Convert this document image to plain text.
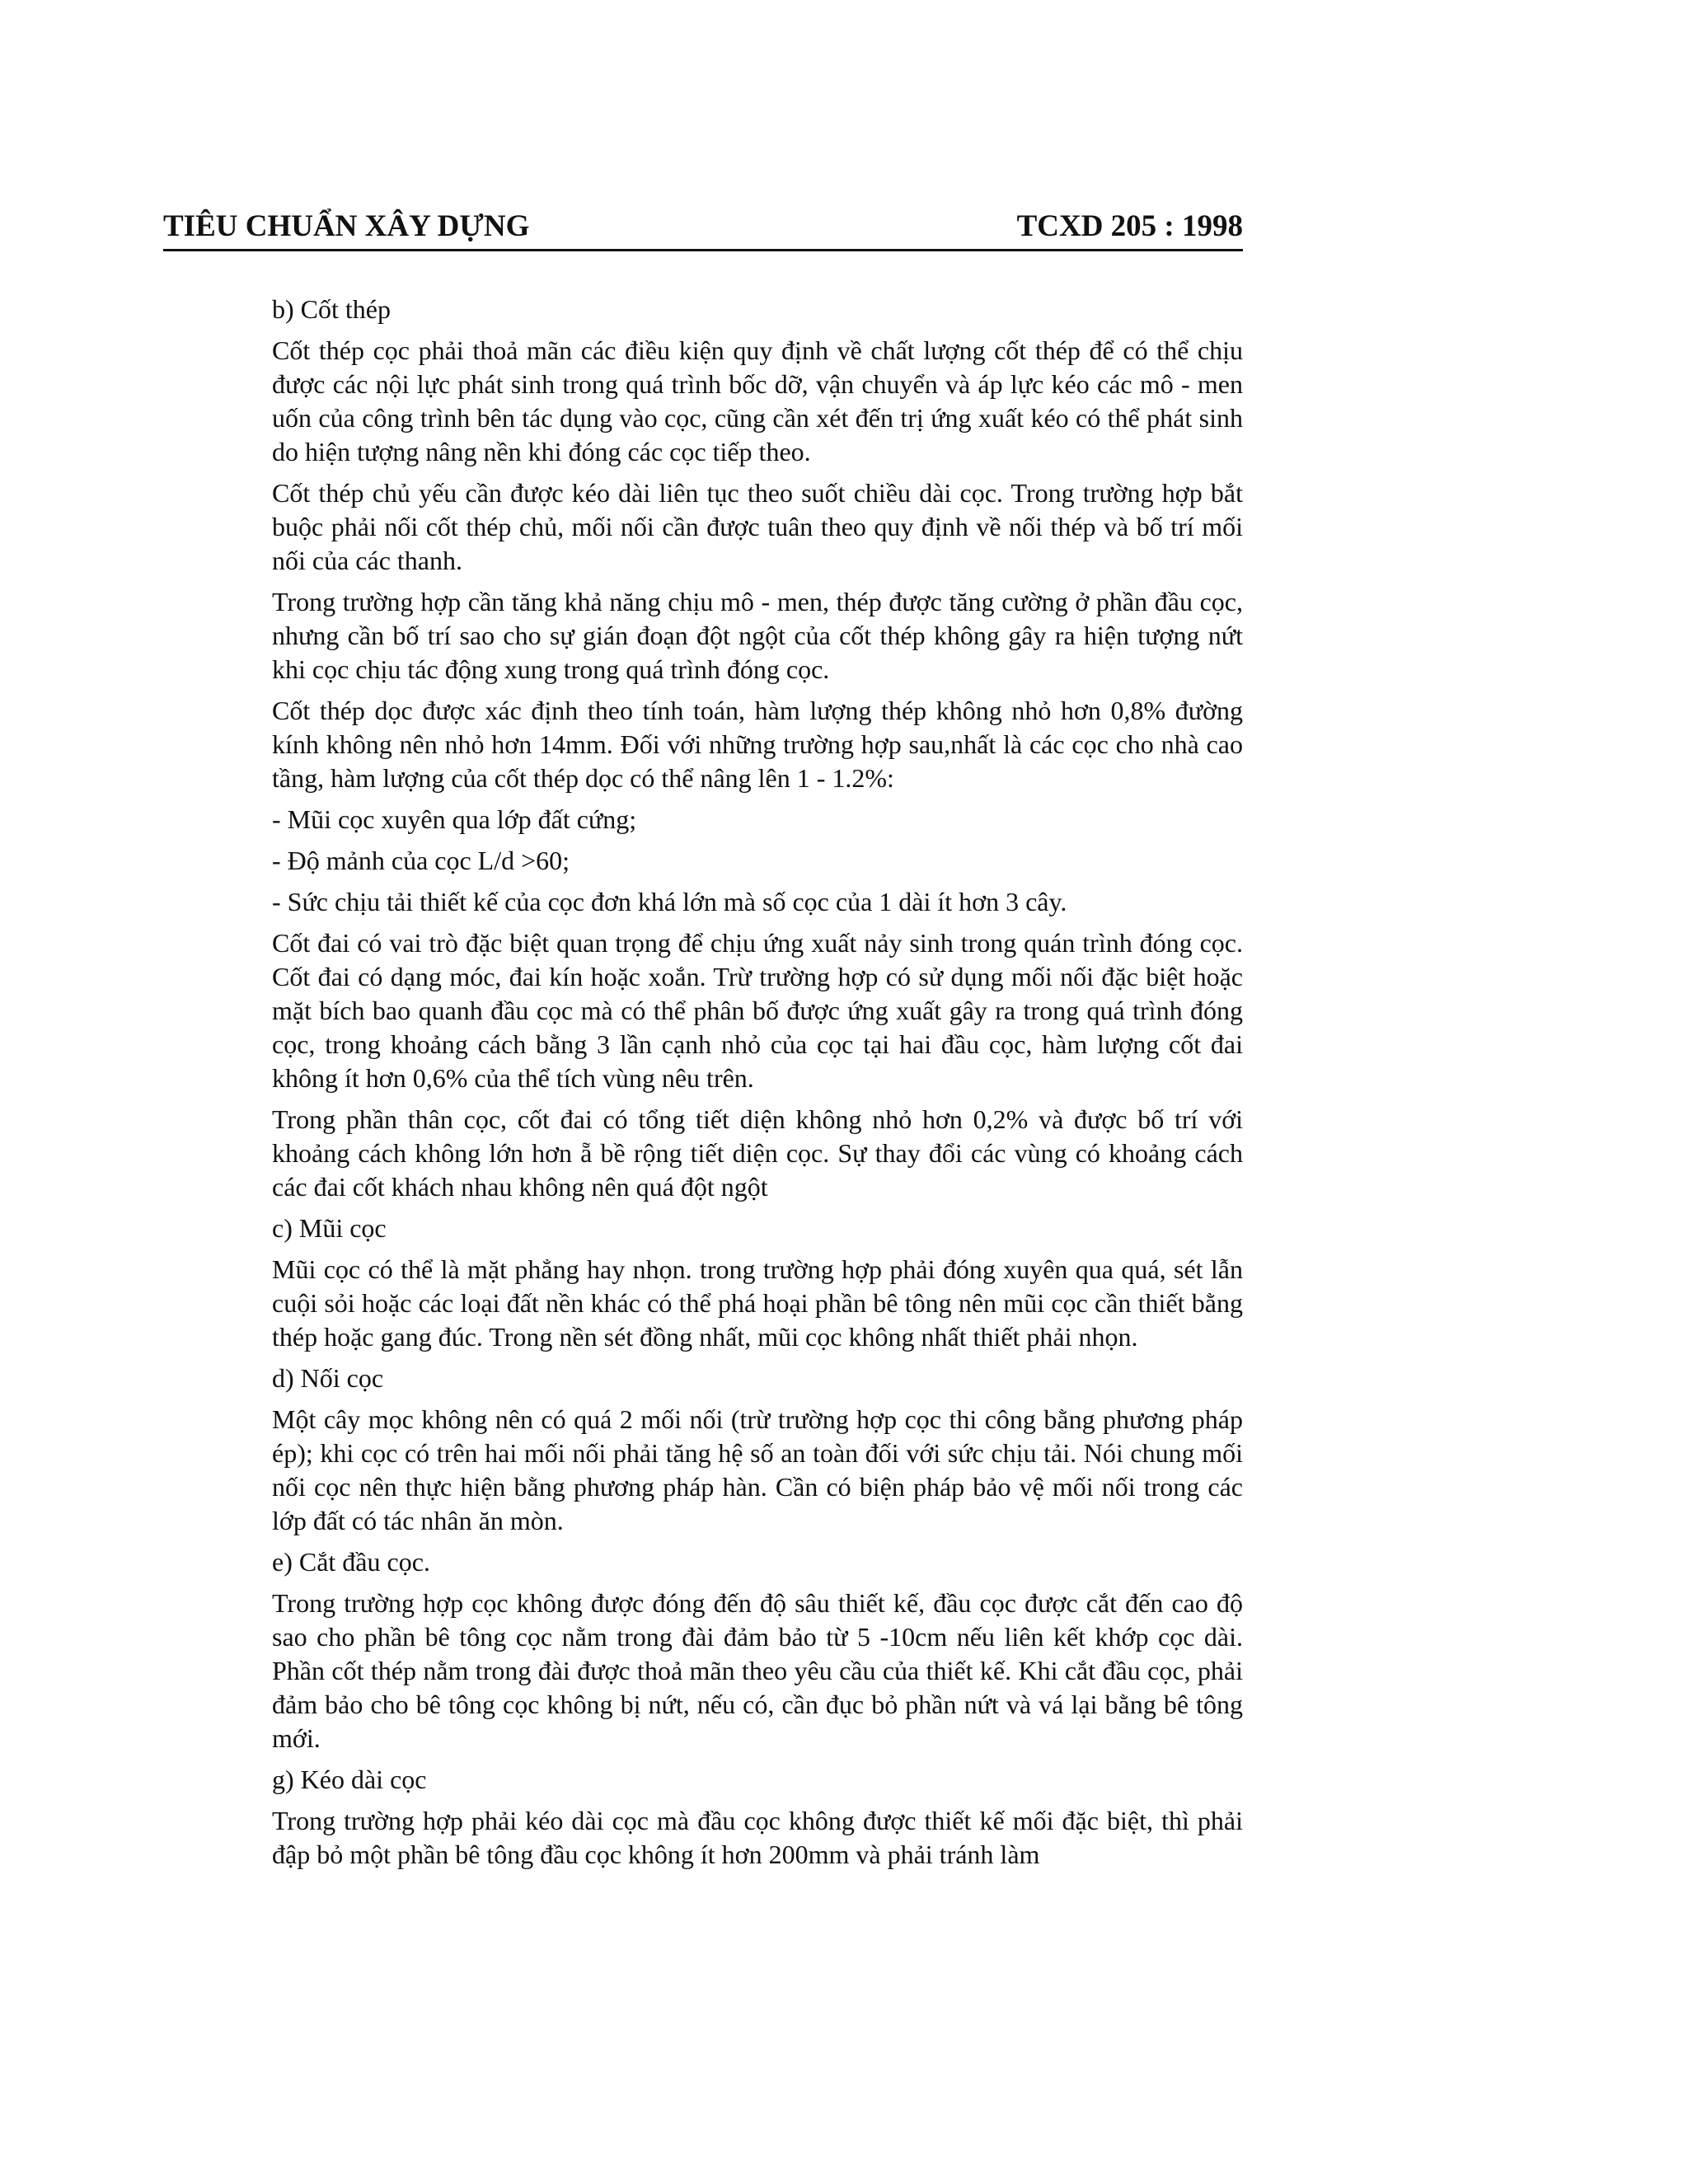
TIÊU CHUẨN XÂY DỰNG	TCXD 205 : 1998

b) Cốt thép

Cốt thép cọc phải thoả mãn các điều kiện quy định về chất lượng cốt thép để có thể chịu được các nội lực phát sinh trong quá trình bốc dỡ, vận chuyển và áp lực kéo các mô - men uốn của công trình bên tác dụng vào cọc, cũng cần xét đến trị ứng xuất kéo có thể phát sinh do hiện tượng nâng nền khi đóng các cọc tiếp theo.

Cốt thép chủ yếu cần được kéo dài liên tục theo suốt chiều dài cọc. Trong trường hợp bắt buộc phải nối cốt thép chủ, mối nối cần được tuân theo quy định về nối thép và bố trí mối nối của các thanh.

Trong trường hợp cần tăng khả năng chịu mô - men, thép được tăng cường ở phần đầu cọc, nhưng cần bố trí sao cho sự gián đoạn đột ngột của cốt thép không gây ra hiện tượng nứt khi cọc chịu tác động xung trong quá trình đóng cọc.

Cốt thép dọc được xác định theo tính toán, hàm lượng thép không nhỏ hơn 0,8% đường kính không nên nhỏ hơn 14mm. Đối với những trường hợp sau,nhất là các cọc cho nhà cao tầng, hàm lượng của cốt thép dọc có thể nâng lên 1 - 1.2%:

- Mũi cọc xuyên qua lớp đất cứng;

- Độ mảnh của cọc L/d >60;

- Sức chịu tải thiết kế của cọc đơn khá lớn mà số cọc của 1 dài ít hơn 3 cây.

Cốt đai có vai trò đặc biệt quan trọng để chịu ứng xuất nảy sinh trong quán trình đóng cọc. Cốt đai có dạng móc, đai kín hoặc xoắn. Trừ trường hợp có sử dụng mối nối đặc biệt hoặc mặt bích bao quanh đầu cọc mà có thể phân bố được ứng xuất gây ra trong quá trình đóng cọc, trong khoảng cách bằng 3 lần cạnh nhỏ của cọc tại hai đầu cọc, hàm lượng cốt đai không ít hơn 0,6% của thể tích vùng nêu trên.

Trong phần thân cọc, cốt đai có tổng tiết diện không nhỏ hơn 0,2% và được bố trí với khoảng cách không lớn hơn ẵ bề rộng tiết diện cọc. Sự thay đổi các vùng có khoảng cách các đai cốt khách nhau không nên quá đột ngột

c) Mũi cọc

Mũi cọc có thể là mặt phẳng hay nhọn. trong trường hợp phải đóng xuyên qua quá, sét lẫn cuội sỏi hoặc các loại đất nền khác có thể phá hoại phần bê tông nên mũi cọc cần thiết bằng thép hoặc gang đúc. Trong nền sét đồng nhất, mũi cọc không nhất thiết phải nhọn.

d) Nối cọc

Một cây mọc không nên có quá 2 mối nối (trừ trường hợp cọc thi công bằng phương pháp ép); khi cọc có trên hai mối nối phải tăng hệ số an toàn đối với sức chịu tải. Nói chung mối nối cọc nên thực hiện bằng phương pháp hàn. Cần có biện pháp bảo vệ mối nối trong các lớp đất có tác nhân ăn mòn.

e) Cắt đầu cọc.

Trong trường hợp cọc không được đóng đến độ sâu thiết kế, đầu cọc được cắt đến cao độ sao cho phần bê tông cọc nằm trong đài đảm bảo từ 5 -10cm nếu liên kết khớp cọc dài. Phần cốt thép nằm trong đài được thoả mãn theo yêu cầu của thiết kế. Khi cắt đầu cọc, phải đảm bảo cho bê tông cọc không bị nứt, nếu có, cần đục bỏ phần nứt và vá lại bằng bê tông mới.

g) Kéo dài cọc

Trong trường hợp phải kéo dài cọc mà đầu cọc không được thiết kế mối đặc biệt, thì phải đập bỏ một phần bê tông đầu cọc không ít hơn 200mm và phải tránh làm
